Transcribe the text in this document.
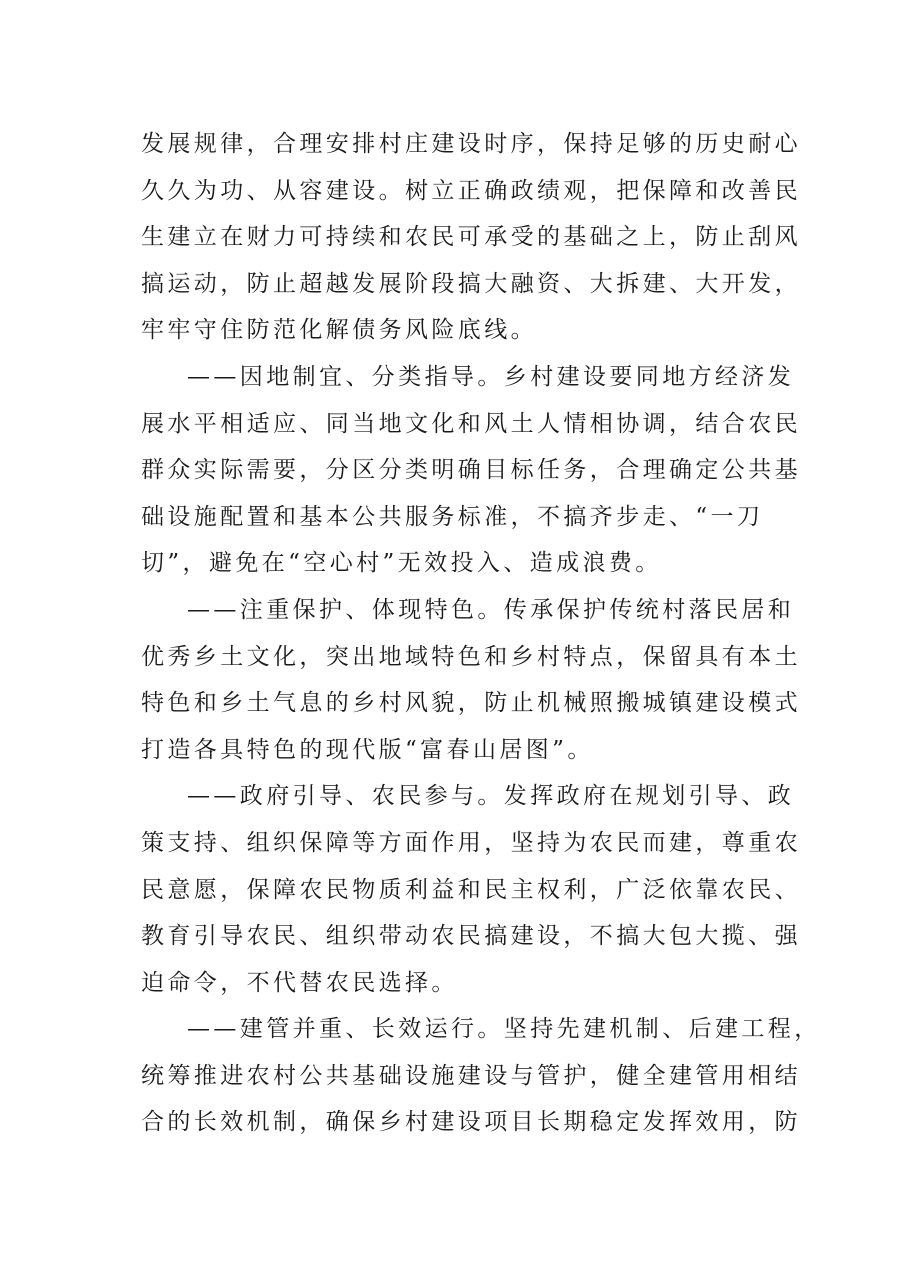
发展规律，合理安排村庄建设时序，保持足够的历史耐心
久久为功、从容建设。树立正确政绩观，把保障和改善民
生建立在财力可持续和农民可承受的基础之上，防止刮风
搞运动，防止超越发展阶段搞大融资、大拆建、大开发，
牢牢守住防范化解债务风险底线。
——因地制宜、分类指导。乡村建设要同地方经济发
展水平相适应、同当地文化和风土人情相协调，结合农民
群众实际需要，分区分类明确目标任务，合理确定公共基
础设施配置和基本公共服务标准，不搞齐步走、“一刀
切”，避免在“空心村”无效投入、造成浪费。
——注重保护、体现特色。传承保护传统村落民居和
优秀乡土文化，突出地域特色和乡村特点，保留具有本土
特色和乡土气息的乡村风貌，防止机械照搬城镇建设模式
打造各具特色的现代版“富春山居图”。
——政府引导、农民参与。发挥政府在规划引导、政
策支持、组织保障等方面作用，坚持为农民而建，尊重农
民意愿，保障农民物质利益和民主权利，广泛依靠农民、
教育引导农民、组织带动农民搞建设，不搞大包大揽、强
迫命令，不代替农民选择。
——建管并重、长效运行。坚持先建机制、后建工程，
统筹推进农村公共基础设施建设与管护，健全建管用相结
合的长效机制，确保乡村建设项目长期稳定发挥效用，防
